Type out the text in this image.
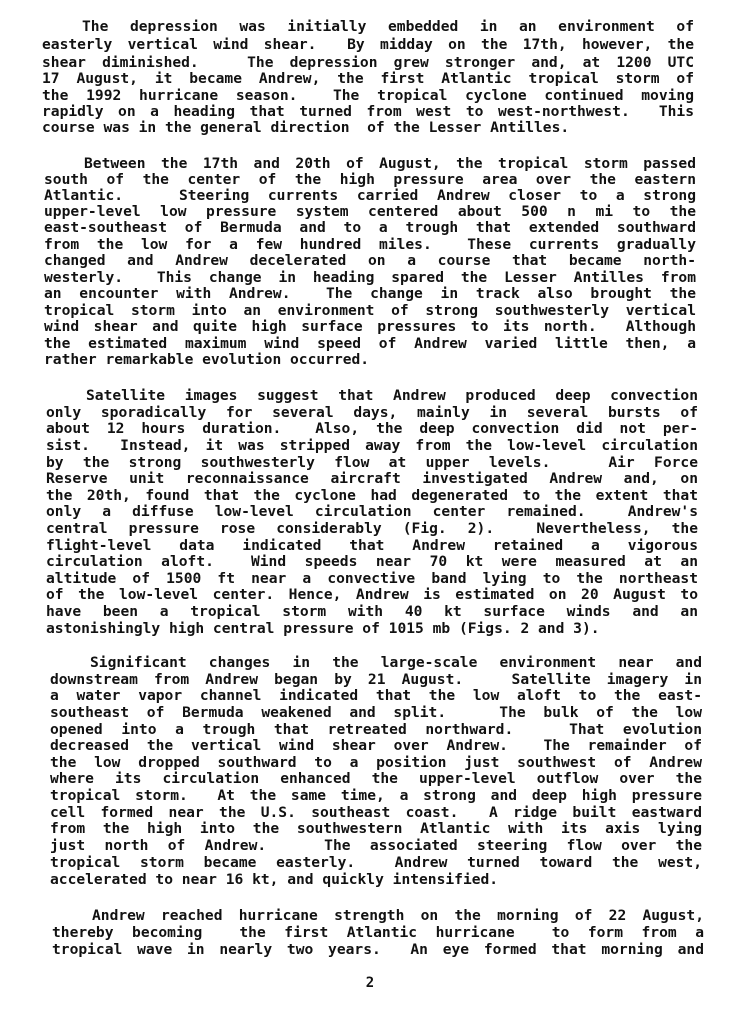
The depression was initially embedded in an environment of
easterly vertical wind shear.  By midday on the 17th, however, the
shear diminished.   The depression grew stronger and, at 1200 UTC
17 August, it became Andrew, the first Atlantic tropical storm of
the 1992 hurricane season.  The tropical cyclone continued moving
rapidly on a heading that turned from west to west-northwest.  This
course was in the general direction  of the Lesser Antilles.
Between the 17th and 20th of August, the tropical storm passed
south of the center of the high pressure area over the eastern
Atlantic.   Steering currents carried Andrew closer to a strong
upper-level low pressure system centered about 500 n mi to the
east-southeast of Bermuda and to a trough that extended southward
from the low for a few hundred miles.  These currents gradually
changed and Andrew decelerated on a course that became north-
westerly.  This change in heading spared the Lesser Antilles from
an encounter with Andrew.  The change in track also brought the
tropical storm into an environment of strong southwesterly vertical
wind shear and quite high surface pressures to its north.  Although
the estimated maximum wind speed of Andrew varied little then, a
rather remarkable evolution occurred.
Satellite images suggest that Andrew produced deep convection
only sporadically for several days, mainly in several bursts of
about 12 hours duration.  Also, the deep convection did not per-
sist.  Instead, it was stripped away from the low-level circulation
by the strong southwesterly flow at upper levels.   Air Force
Reserve unit reconnaissance aircraft investigated Andrew and, on
the 20th, found that the cyclone had degenerated to the extent that
only a diffuse low-level circulation center remained.  Andrew's
central pressure rose considerably (Fig. 2).  Nevertheless, the
flight-level data indicated that Andrew retained a vigorous
circulation aloft.  Wind speeds near 70 kt were measured at an
altitude of 1500 ft near a convective band lying to the northeast
of the low-level center. Hence, Andrew is estimated on 20 August to
have been a tropical storm with 40 kt surface winds and an
astonishingly high central pressure of 1015 mb (Figs. 2 and 3).
Significant changes in the large-scale environment near and
downstream from Andrew began by 21 August.   Satellite imagery in
a water vapor channel indicated that the low aloft to the east-
southeast of Bermuda weakened and split.   The bulk of the low
opened into a trough that retreated northward.   That evolution
decreased the vertical wind shear over Andrew.  The remainder of
the low dropped southward to a position just southwest of Andrew
where its circulation enhanced the upper-level outflow over the
tropical storm.  At the same time, a strong and deep high pressure
cell formed near the U.S. southeast coast.  A ridge built eastward
from the high into the southwestern Atlantic with its axis lying
just north of Andrew.   The associated steering flow over the
tropical storm became easterly.  Andrew turned toward the west,
accelerated to near 16 kt, and quickly intensified.
Andrew reached hurricane strength on the morning of 22 August,
thereby becoming  the first Atlantic hurricane  to form from a
tropical wave in nearly two years.  An eye formed that morning and
2
